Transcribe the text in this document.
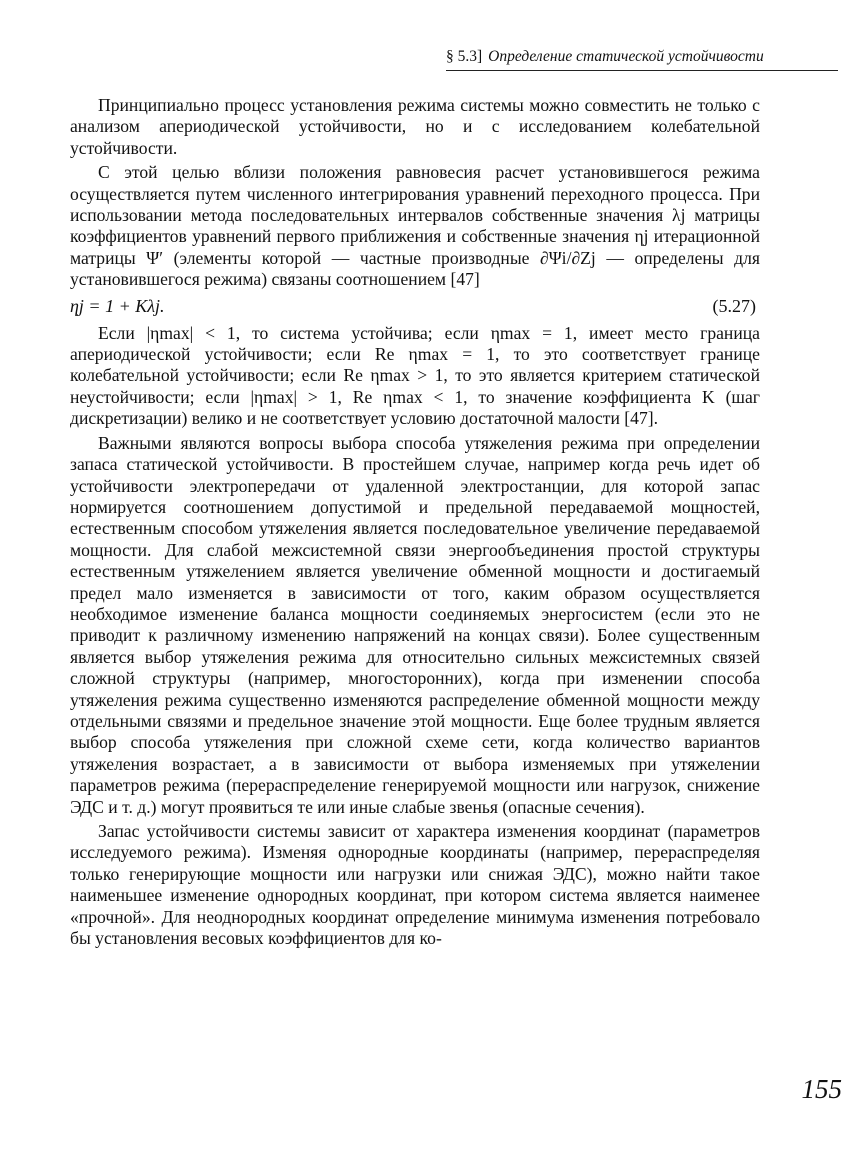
§ 5.3] Определение статической устойчивости

Принципиально процесс установления режима системы можно совместить не только с анализом апериодической устойчивости, но и с исследованием колебательной устойчивости.

С этой целью вблизи положения равновесия расчет установившегося режима осуществляется путем численного интегрирования уравнений переходного процесса. При использовании метода последовательных интервалов собственные значения λj матрицы коэффициентов уравнений первого приближения и собственные значения ηj итерационной матрицы Ψ′ (элементы которой — частные производные ∂Ψi/∂Zj — определены для установившегося режима) связаны соотношением [47]

ηj = 1 + Kλj.	(5.27)

Если |ηmax| < 1, то система устойчива; если ηmax = 1, имеет место граница апериодической устойчивости; если Re ηmax = 1, то это соответствует границе колебательной устойчивости; если Re ηmax > 1, то это является критерием статической неустойчивости; если |ηmax| > 1, Re ηmax < 1, то значение коэффициента K (шаг дискретизации) велико и не соответствует условию достаточной малости [47].

Важными являются вопросы выбора способа утяжеления режима при определении запаса статической устойчивости. В простейшем случае, например когда речь идет об устойчивости электропередачи от удаленной электростанции, для которой запас нормируется соотношением допустимой и предельной передаваемой мощностей, естественным способом утяжеления является последовательное увеличение передаваемой мощности. Для слабой межсистемной связи энергообъединения простой структуры естественным утяжелением является увеличение обменной мощности и достигаемый предел мало изменяется в зависимости от того, каким образом осуществляется необходимое изменение баланса мощности соединяемых энергосистем (если это не приводит к различному изменению напряжений на концах связи). Более существенным является выбор утяжеления режима для относительно сильных межсистемных связей сложной структуры (например, многосторонних), когда при изменении способа утяжеления режима существенно изменяются распределение обменной мощности между отдельными связями и предельное значение этой мощности. Еще более трудным является выбор способа утяжеления при сложной схеме сети, когда количество вариантов утяжеления возрастает, а в зависимости от выбора изменяемых при утяжелении параметров режима (перераспределение генерируемой мощности или нагрузок, снижение ЭДС и т. д.) могут проявиться те или иные слабые звенья (опасные сечения).

Запас устойчивости системы зависит от характера изменения координат (параметров исследуемого режима). Изменяя однородные координаты (например, перераспределяя только генерирующие мощности или нагрузки или снижая ЭДС), можно найти такое наименьшее изменение однородных координат, при котором система является наименее «прочной». Для неоднородных координат определение минимума изменения потребовало бы установления весовых коэффициентов для ко-

155
